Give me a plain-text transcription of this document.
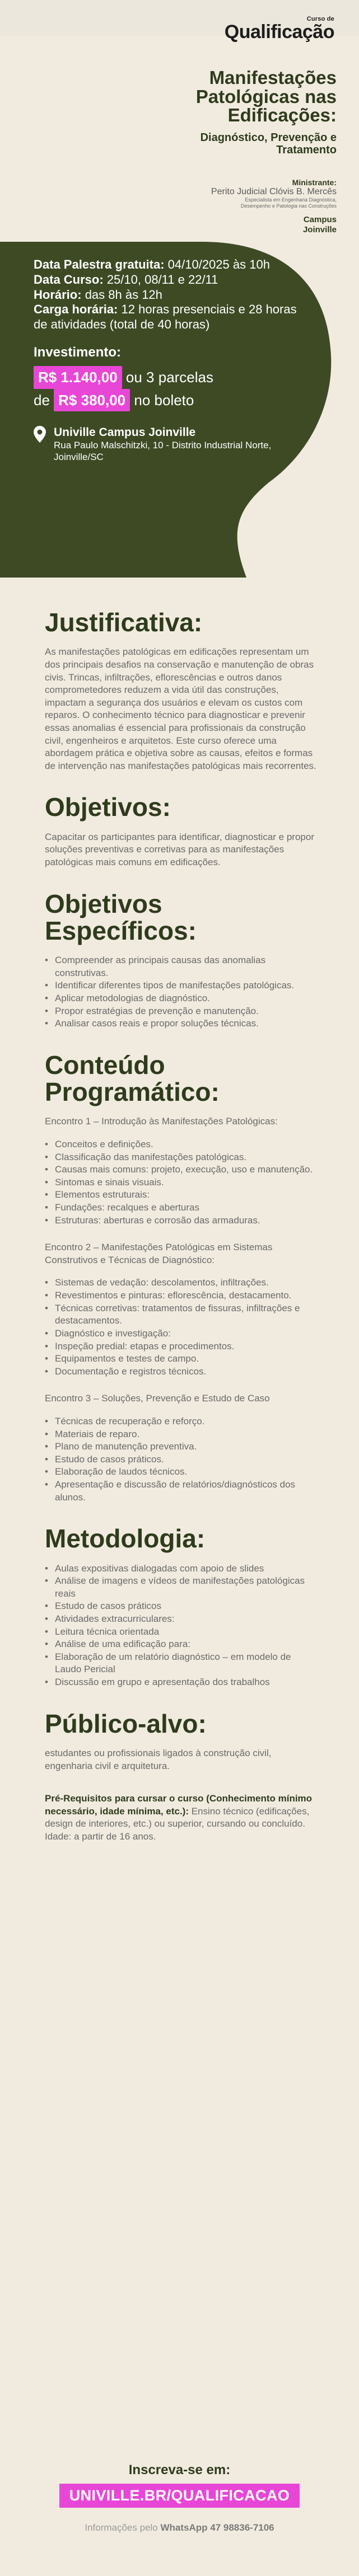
Curso de
Qualificação
Manifestações Patológicas nas Edificações:
Diagnóstico, Prevenção e Tratamento
Ministrante:
Perito Judicial Clóvis B. Mercês
Especialista em Engenharia Diagnóstica,
Desempenho e Patologia nas Construções
Campus
Joinville

Data Palestra gratuita: 04/10/2025 às 10h

Data Curso: 25/10, 08/11 e 22/11

Horário: das 8h às 12h

Carga horária: 12 horas presenciais e 28 horas de atividades (total de 40 horas)

Investimento:
R$ 1.140,00 ou 3 parcelas
de R$ 380,00 no boleto
Univille Campus Joinville
Rua Paulo Malschitzki, 10 - Distrito Industrial Norte, Joinville/SC
Justificativa:
As manifestações patológicas em edificações representam um dos principais desafios na conservação e manutenção de obras civis. Trincas, infiltrações, eflorescências e outros danos comprometedores reduzem a vida útil das construções, impactam a segurança dos usuários e elevam os custos com reparos. O conhecimento técnico para diagnosticar e prevenir essas anomalias é essencial para profissionais da construção civil, engenheiros e arquitetos. Este curso oferece uma abordagem prática e objetiva sobre as causas, efeitos e formas de intervenção nas manifestações patológicas mais recorrentes.
Objetivos:
Capacitar os participantes para identificar, diagnosticar e propor soluções preventivas e corretivas para as manifestações patológicas mais comuns em edificações.
Objetivos Específicos:
• Compreender as principais causas das anomalias construtivas.
• Identificar diferentes tipos de manifestações patológicas.
• Aplicar metodologias de diagnóstico.
• Propor estratégias de prevenção e manutenção.
• Analisar casos reais e propor soluções técnicas.
Conteúdo Programático:
Encontro 1 – Introdução às Manifestações Patológicas:
• Conceitos e definições.
• Classificação das manifestações patológicas.
• Causas mais comuns: projeto, execução, uso e manutenção.
• Sintomas e sinais visuais.
• Elementos estruturais:
• Fundações: recalques e aberturas
• Estruturas: aberturas e corrosão das armaduras.
Encontro 2 – Manifestações Patológicas em Sistemas Construtivos e Técnicas de Diagnóstico:
• Sistemas de vedação: descolamentos, infiltrações.
• Revestimentos e pinturas: eflorescência, destacamento.
• Técnicas corretivas: tratamentos de fissuras, infiltrações e destacamentos.
• Diagnóstico e investigação:
• Inspeção predial: etapas e procedimentos.
• Equipamentos e testes de campo.
• Documentação e registros técnicos.
Encontro 3 – Soluções, Prevenção e Estudo de Caso
• Técnicas de recuperação e reforço.
• Materiais de reparo.
• Plano de manutenção preventiva.
• Estudo de casos práticos.
• Elaboração de laudos técnicos.
• Apresentação e discussão de relatórios/diagnósticos dos alunos.
Metodologia:
• Aulas expositivas dialogadas com apoio de slides
• Análise de imagens e vídeos de manifestações patológicas reais
• Estudo de casos práticos
• Atividades extracurriculares:
• Leitura técnica orientada
• Análise de uma edificação para:
• Elaboração de um relatório diagnóstico – em modelo de Laudo Pericial
• Discussão em grupo e apresentação dos trabalhos
Público-alvo:
estudantes ou profissionais ligados à construção civil, engenharia civil e arquitetura.
Pré-Requisitos para cursar o curso (Conhecimento mínimo necessário, idade mínima, etc.): Ensino técnico (edificações, design de interiores, etc.) ou superior, cursando ou concluído. Idade: a partir de 16 anos.
Inscreva-se em:
UNIVILLE.BR/QUALIFICACAO
Informações pelo WhatsApp 47 98836-7106
